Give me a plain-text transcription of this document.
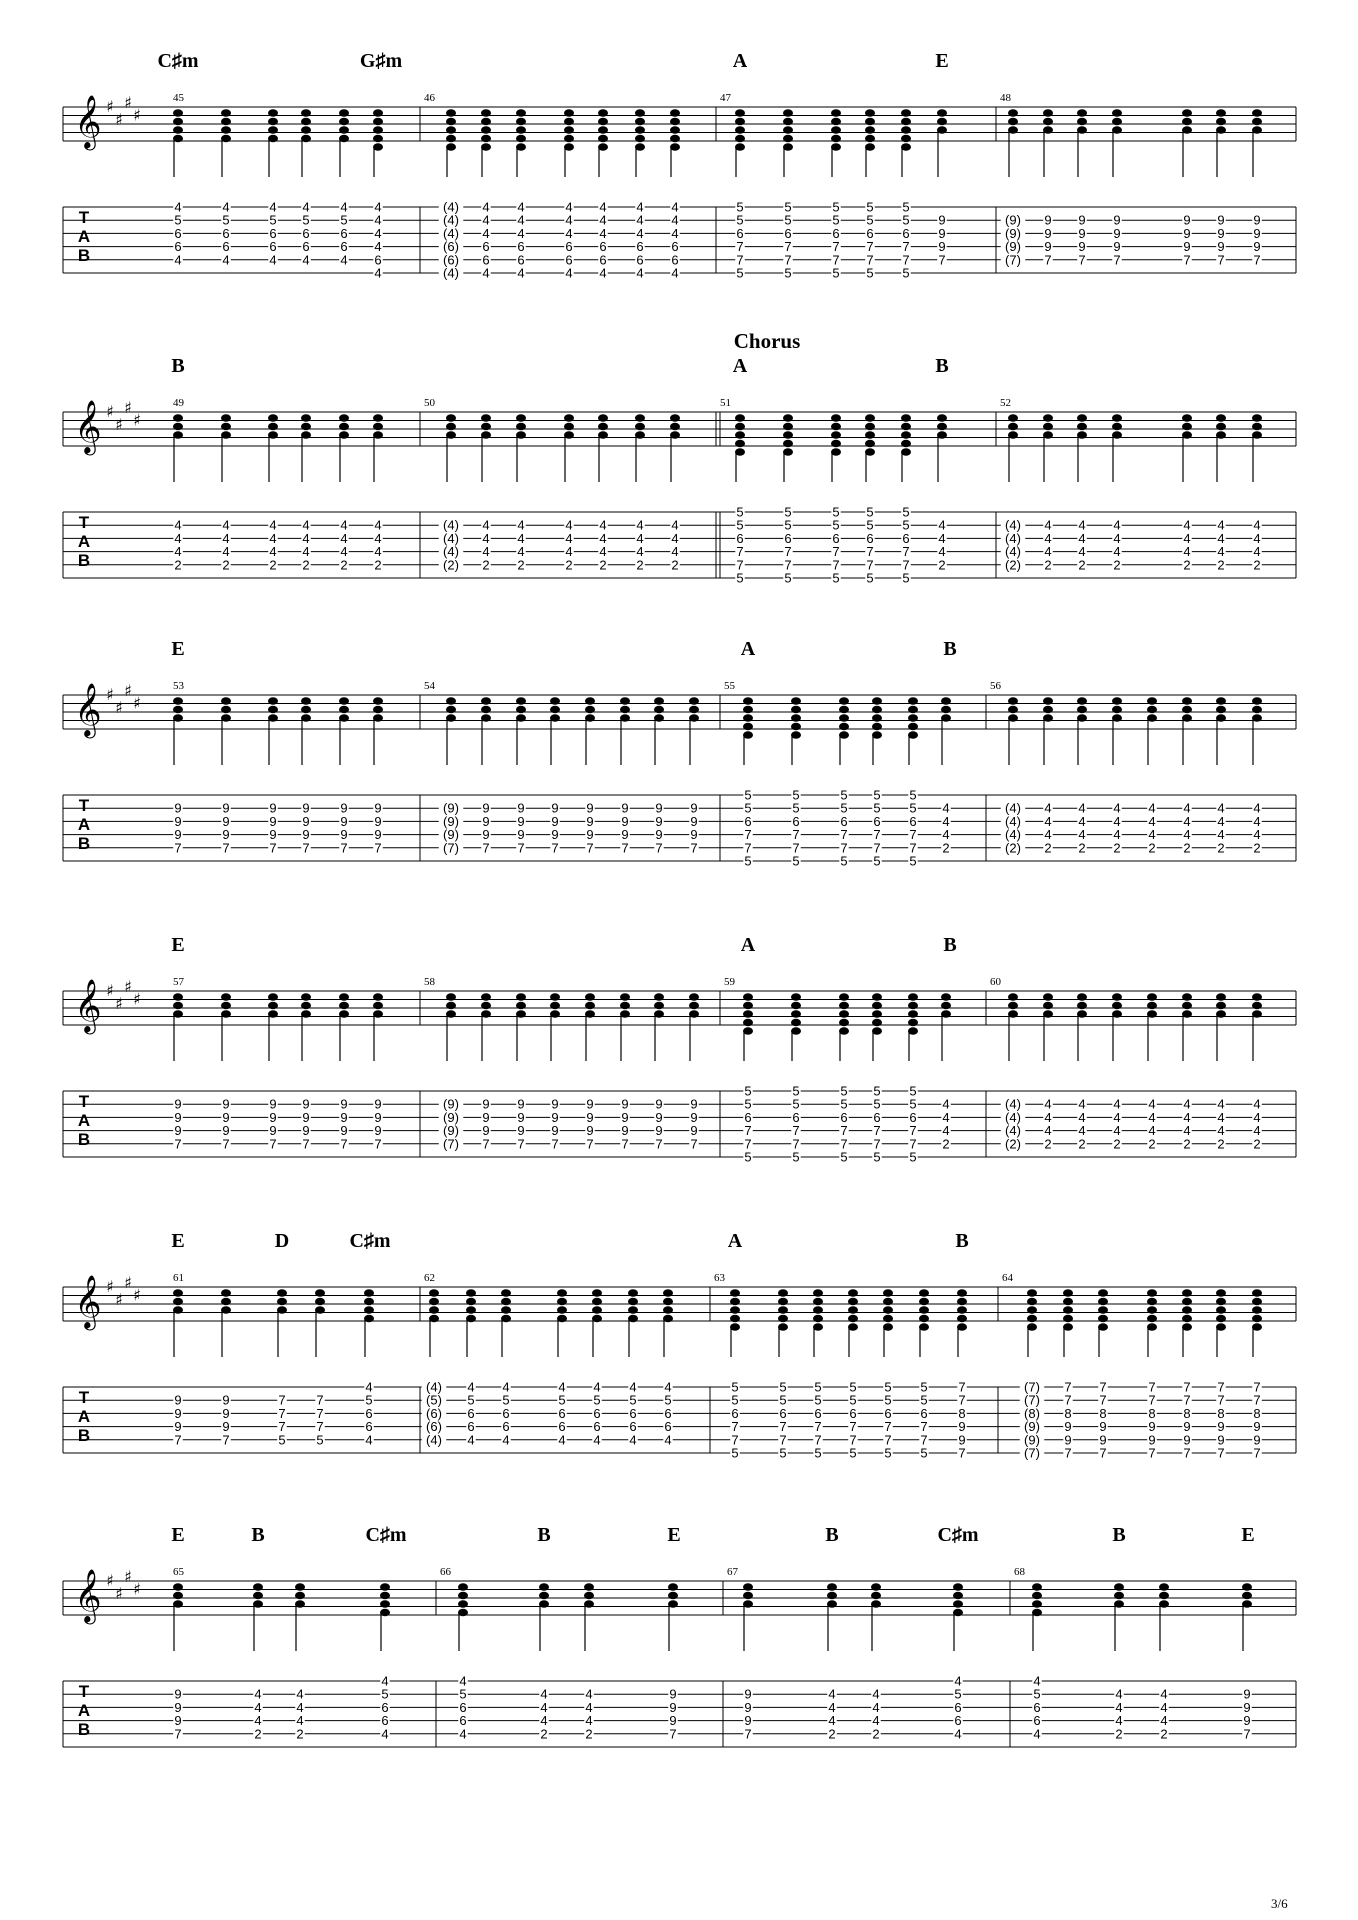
C♯m	G♯m	A	E
𝄞 ♯
♯
♯
♯
T
A
B
45
4
5
6
6
4
4
5
6
6
4
4
5
6
6
4
4
5
6
6
4
4
5
6
6
4
4
4
4
4
6
4
46
(4)
(4)
(4)
(6)
(6)
(4)
4
4
4
6
6
4
4
4
4
6
6
4
4
4
4
6
6
4
4
4
4
6
6
4
4
4
4
6
6
4
4
4
4
6
6
4
47
5
5
6
7
7
5
5
5
6
7
7
5
5
5
6
7
7
5
5
5
6
7
7
5
5
5
6
7
7
5
9
9
9
7
48
(9)
(9)
(9)
(7)
9
9
9
7
9
9
9
7
9
9
9
7
9
9
9
7
9
9
9
7
9
9
9
7
Chorus
B	A	B
𝄞 ♯
♯
♯
♯
T
A
B
49
4
4
4
2
4
4
4
2
4
4
4
2
4
4
4
2
4
4
4
2
4
4
4
2
50
(4)
(4)
(4)
(2)
4
4
4
2
4
4
4
2
4
4
4
2
4
4
4
2
4
4
4
2
4
4
4
2
51
5
5
6
7
7
5
5
5
6
7
7
5
5
5
6
7
7
5
5
5
6
7
7
5
5
5
6
7
7
5
4
4
4
2
52
(4)
(4)
(4)
(2)
4
4
4
2
4
4
4
2
4
4
4
2
4
4
4
2
4
4
4
2
4
4
4
2
E	A	B
𝄞 ♯
♯
♯
♯
T
A
B
53
9
9
9
7
9
9
9
7
9
9
9
7
9
9
9
7
9
9
9
7
9
9
9
7
54
(9)
(9)
(9)
(7)
9
9
9
7
9
9
9
7
9
9
9
7
9
9
9
7
9
9
9
7
9
9
9
7
9
9
9
7
55
5
5
6
7
7
5
5
5
6
7
7
5
5
5
6
7
7
5
5
5
6
7
7
5
5
5
6
7
7
5
4
4
4
2
56
(4)
(4)
(4)
(2)
4
4
4
2
4
4
4
2
4
4
4
2
4
4
4
2
4
4
4
2
4
4
4
2
4
4
4
2
E	A	B
𝄞 ♯
♯
♯
♯
T
A
B
57
9
9
9
7
9
9
9
7
9
9
9
7
9
9
9
7
9
9
9
7
9
9
9
7
58
(9)
(9)
(9)
(7)
9
9
9
7
9
9
9
7
9
9
9
7
9
9
9
7
9
9
9
7
9
9
9
7
9
9
9
7
59
5
5
6
7
7
5
5
5
6
7
7
5
5
5
6
7
7
5
5
5
6
7
7
5
5
5
6
7
7
5
4
4
4
2
60
(4)
(4)
(4)
(2)
4
4
4
2
4
4
4
2
4
4
4
2
4
4
4
2
4
4
4
2
4
4
4
2
4
4
4
2
E	D	C♯m	A	B
𝄞 ♯
♯
♯
♯
T
A
B
61
9
9
9
7
9
9
9
7
7
7
7
5
7
7
7
5
4
5
6
6
4
62
(4)
(5)
(6)
(6)
(4)
4
5
6
6
4
4
5
6
6
4
4
5
6
6
4
4
5
6
6
4
4
5
6
6
4
4
5
6
6
4
63
5
5
6
7
7
5
5
5
6
7
7
5
5
5
6
7
7
5
5
5
6
7
7
5
5
5
6
7
7
5
5
5
6
7
7
5
7
7
8
9
9
7
64
(7)
(7)
(8)
(9)
(9)
(7)
7
7
8
9
9
7
7
7
8
9
9
7
7
7
8
9
9
7
7
7
8
9
9
7
7
7
8
9
9
7
7
7
8
9
9
7
E	B	C♯m	B	E	B	C♯m	B	E
𝄞 ♯
♯
♯
♯
T
A
B
65
9
9
9
7
4
4
4
2
4
4
4
2
4
5
6
6
4
66
4
5
6
6
4
4
4
4
2
4
4
4
2
9
9
9
7
67
9
9
9
7
4
4
4
2
4
4
4
2
4
5
6
6
4
68
4
5
6
6
4
4
4
4
2
4
4
4
2
9
9
9
7
3/6
